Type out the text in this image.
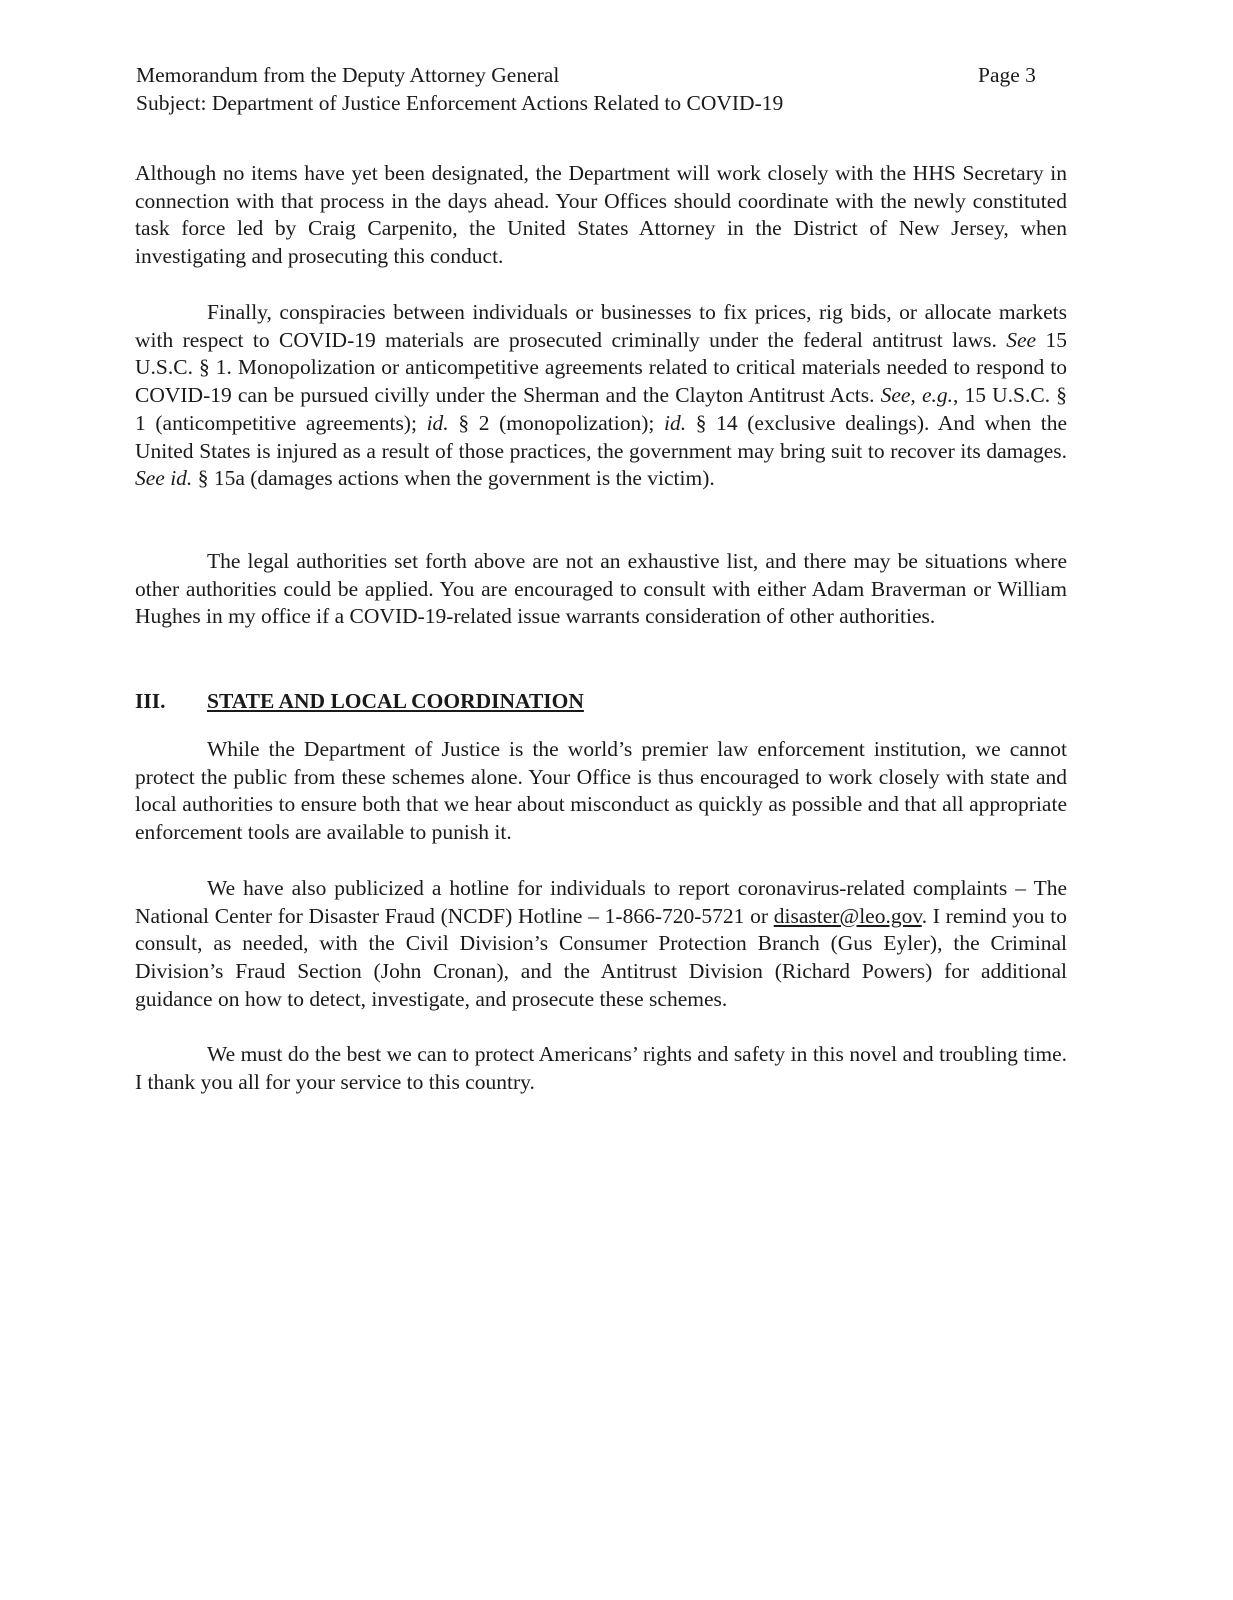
Memorandum from the Deputy Attorney General
Subject: Department of Justice Enforcement Actions Related to COVID-19
Page 3

Although no items have yet been designated, the Department will work closely with the HHS Secretary in connection with that process in the days ahead. Your Offices should coordinate with the newly constituted task force led by Craig Carpenito, the United States Attorney in the District of New Jersey, when investigating and prosecuting this conduct.

Finally, conspiracies between individuals or businesses to fix prices, rig bids, or allocate markets with respect to COVID-19 materials are prosecuted criminally under the federal antitrust laws. See 15 U.S.C. § 1. Monopolization or anticompetitive agreements related to critical materials needed to respond to COVID-19 can be pursued civilly under the Sherman and the Clayton Antitrust Acts. See, e.g., 15 U.S.C. § 1 (anticompetitive agreements); id. § 2 (monopolization); id. § 14 (exclusive dealings). And when the United States is injured as a result of those practices, the government may bring suit to recover its damages. See id. § 15a (damages actions when the government is the victim).

The legal authorities set forth above are not an exhaustive list, and there may be situations where other authorities could be applied. You are encouraged to consult with either Adam Braverman or William Hughes in my office if a COVID-19-related issue warrants consideration of other authorities.

III. STATE AND LOCAL COORDINATION

While the Department of Justice is the world’s premier law enforcement institution, we cannot protect the public from these schemes alone. Your Office is thus encouraged to work closely with state and local authorities to ensure both that we hear about misconduct as quickly as possible and that all appropriate enforcement tools are available to punish it.

We have also publicized a hotline for individuals to report coronavirus-related complaints – The National Center for Disaster Fraud (NCDF) Hotline – 1-866-720-5721 or disaster@leo.gov. I remind you to consult, as needed, with the Civil Division’s Consumer Protection Branch (Gus Eyler), the Criminal Division’s Fraud Section (John Cronan), and the Antitrust Division (Richard Powers) for additional guidance on how to detect, investigate, and prosecute these schemes.

We must do the best we can to protect Americans’ rights and safety in this novel and troubling time. I thank you all for your service to this country.
